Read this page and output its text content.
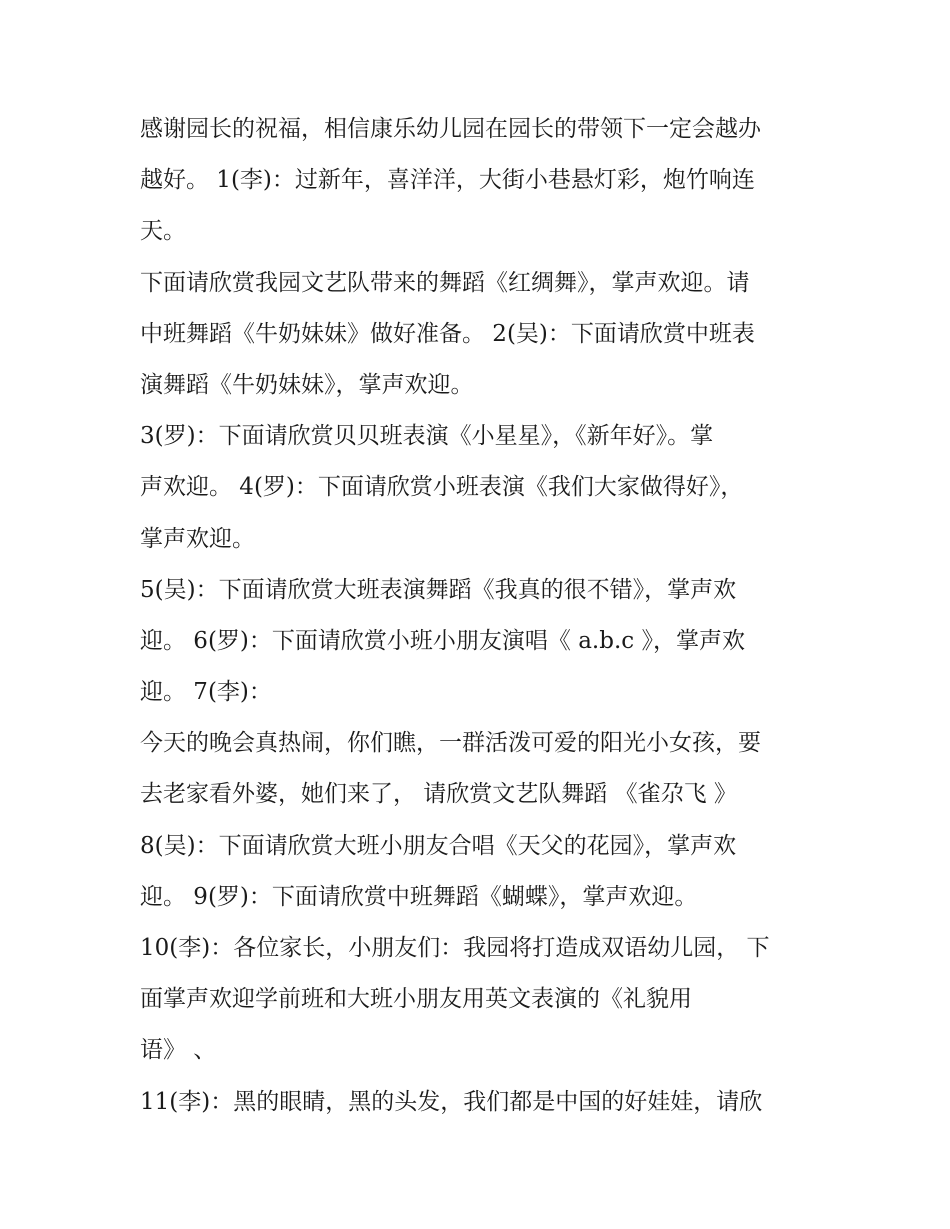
感谢园长的祝福，相信康乐幼儿园在园长的带领下一定会越办
越好。 1(李)：过新年，喜洋洋，大街小巷悬灯彩，炮竹响连
天。
下面请欣赏我园文艺队带来的舞蹈《红绸舞》，掌声欢迎。请
中班舞蹈《牛奶妹妹》做好准备。 2(吴)：下面请欣赏中班表
演舞蹈《牛奶妹妹》，掌声欢迎。
3(罗)：下面请欣赏贝贝班表演《小星星》，《新年好》。掌
声欢迎。 4(罗)：下面请欣赏小班表演《我们大家做得好》，
掌声欢迎。
5(吴)：下面请欣赏大班表演舞蹈《我真的很不错》，掌声欢
迎。 6(罗)：下面请欣赏小班小朋友演唱《 a.b.c 》，掌声欢
迎。 7(李)：
今天的晚会真热闹，你们瞧，一群活泼可爱的阳光小女孩，要
去老家看外婆，她们来了， 请欣赏文艺队舞蹈 《雀尕飞 》
8(吴)：下面请欣赏大班小朋友合唱《天父的花园》，掌声欢
迎。 9(罗)：下面请欣赏中班舞蹈《蝴蝶》，掌声欢迎。
10(李)：各位家长，小朋友们：我园将打造成双语幼儿园， 下
面掌声欢迎学前班和大班小朋友用英文表演的《礼貌用
语》 、
11(李)：黑的眼睛，黑的头发，我们都是中国的好娃娃，请欣
